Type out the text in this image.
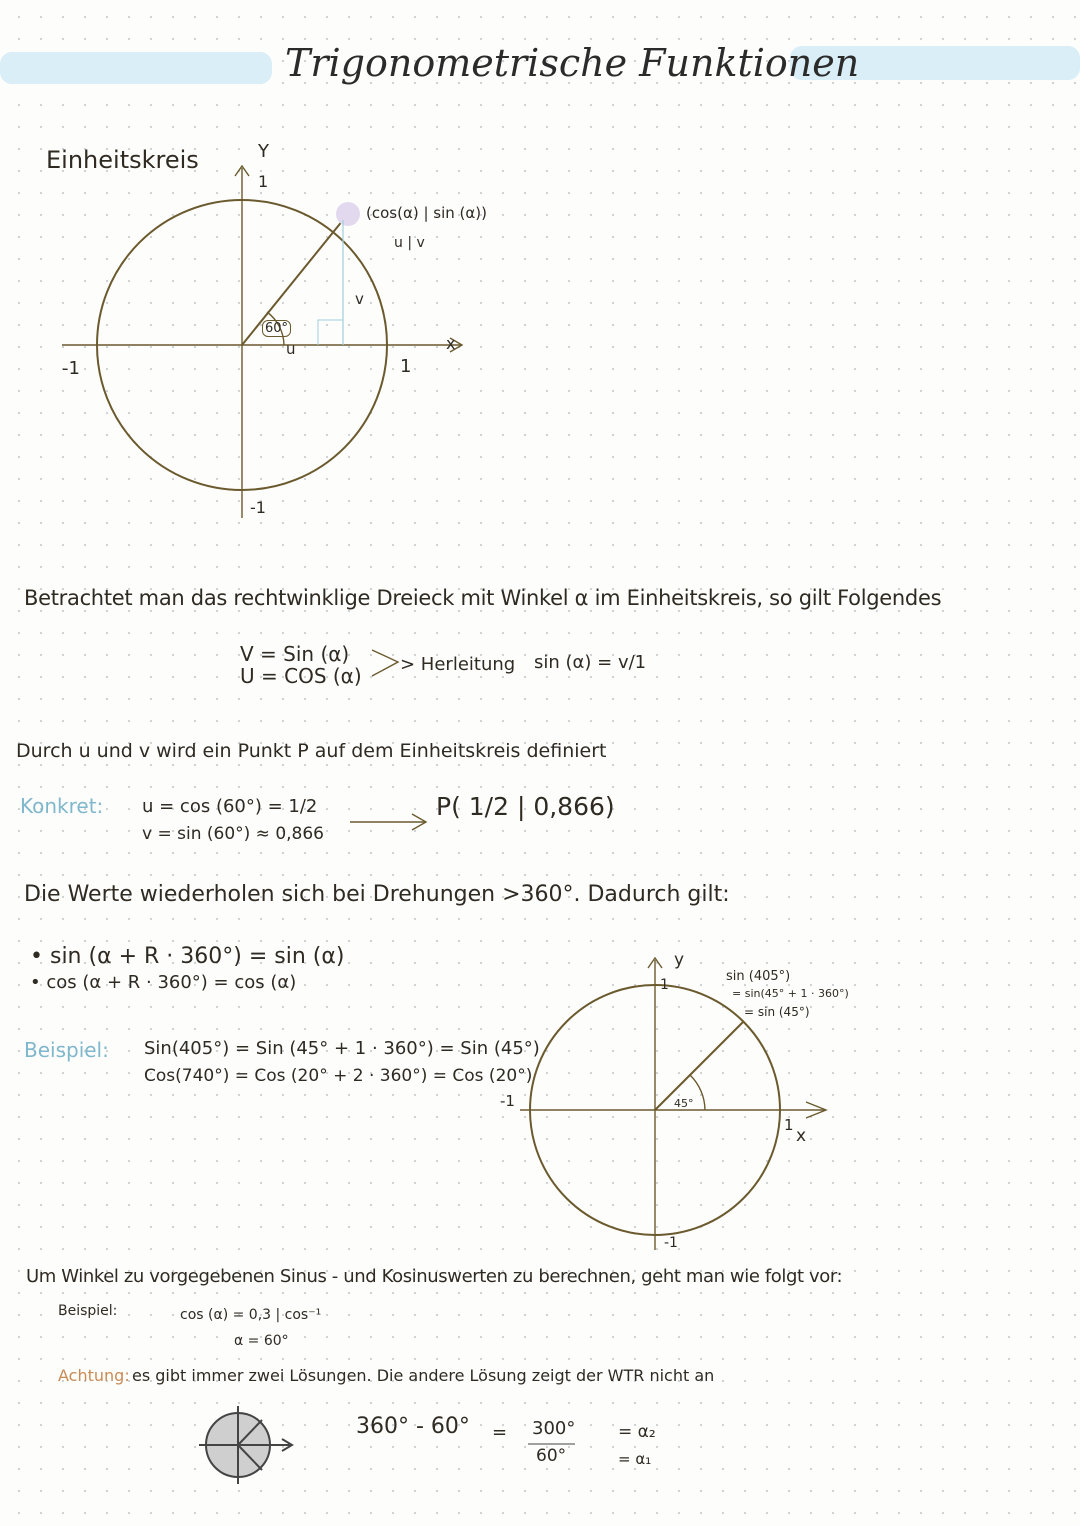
Trigonometrische Funktionen
Einheitskreis	Y
1
-1	1
-1
x
(cos(α) | sin (α))
u | v
60°
u
v
Betrachtet man das rechtwinklige Dreieck mit Winkel α im Einheitskreis, so gilt Folgendes
V = Sin (α)
U = COS (α) > Herleitung sin (α) = v/1
Durch u und v wird ein Punkt P auf dem Einheitskreis definiert
Konkret: u = cos (60°) = 1/2
v = sin (60°) ≈ 0,866
P( 1/2 | 0,866)
Die Werte wiederholen sich bei Drehungen >360°. Dadurch gilt:
• sin (α + R · 360°) = sin (α)
• cos (α + R · 360°) = cos (α)
Beispiel: Sin(405°) = Sin (45° + 1 · 360°) = Sin (45°)
Cos(740°) = Cos (20° + 2 · 360°) = Cos (20°)
y
1
-1
1
x
-1
45°
sin (405°)
= sin(45° + 1 · 360°)
= sin (45°)
Um Winkel zu vorgegebenen Sinus - und Kosinuswerten zu berechnen, geht man wie folgt vor:
Beispiel:	cos (α) = 0,3 | cos⁻¹
α = 60°
Achtung: es gibt immer zwei Lösungen. Die andere Lösung zeigt der WTR nicht an
360° - 60° = 300°
60°
= α₂
= α₁
